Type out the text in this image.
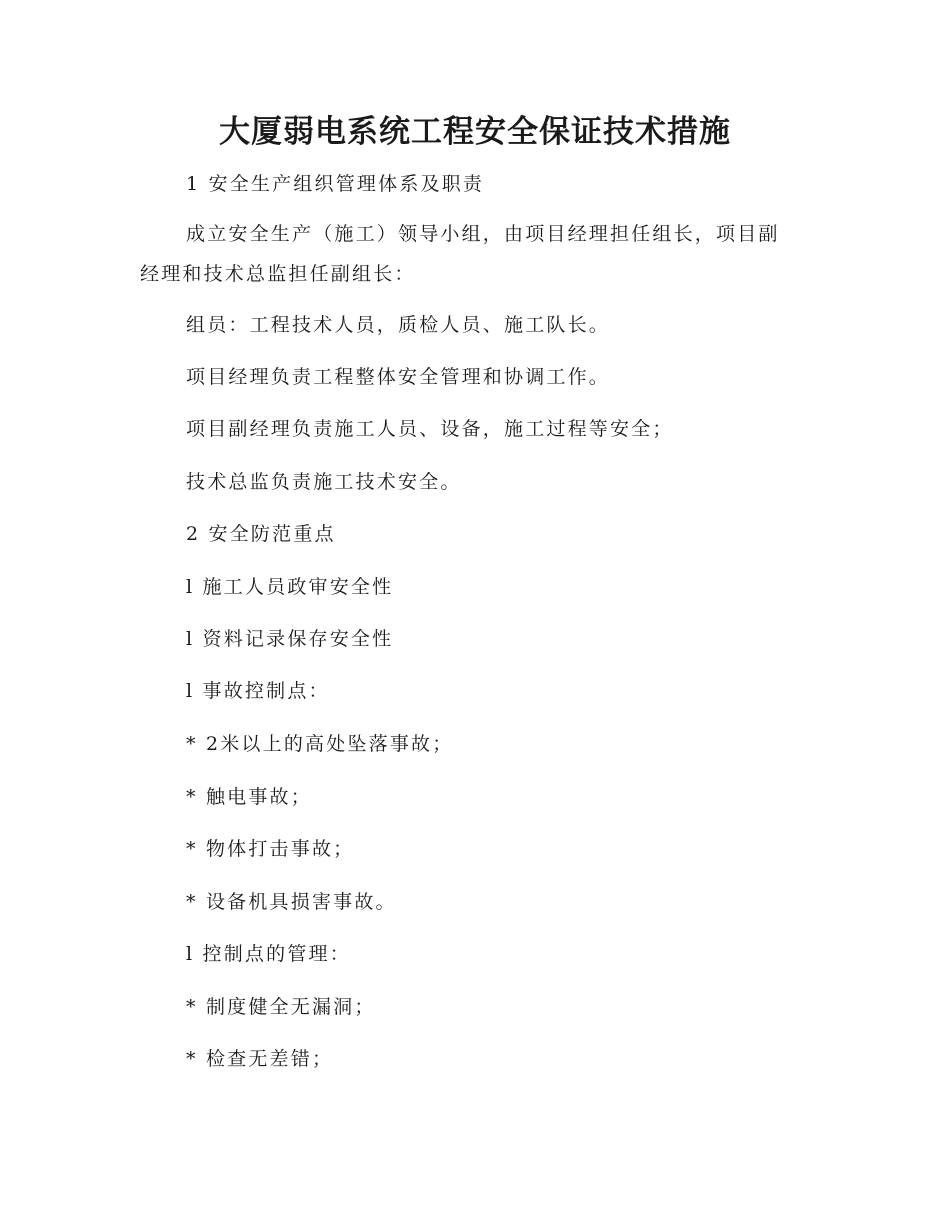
大厦弱电系统工程安全保证技术措施

1 安全生产组织管理体系及职责

成立安全生产（施工）领导小组，由项目经理担任组长，项目副经理和技术总监担任副组长：

组员：工程技术人员，质检人员、施工队长。

项目经理负责工程整体安全管理和协调工作。

项目副经理负责施工人员、设备，施工过程等安全；

技术总监负责施工技术安全。

2 安全防范重点

l 施工人员政审安全性

l 资料记录保存安全性

l 事故控制点：

* 2米以上的高处坠落事故；

* 触电事故；

* 物体打击事故；

* 设备机具损害事故。

l 控制点的管理：

* 制度健全无漏洞；

* 检查无差错；
